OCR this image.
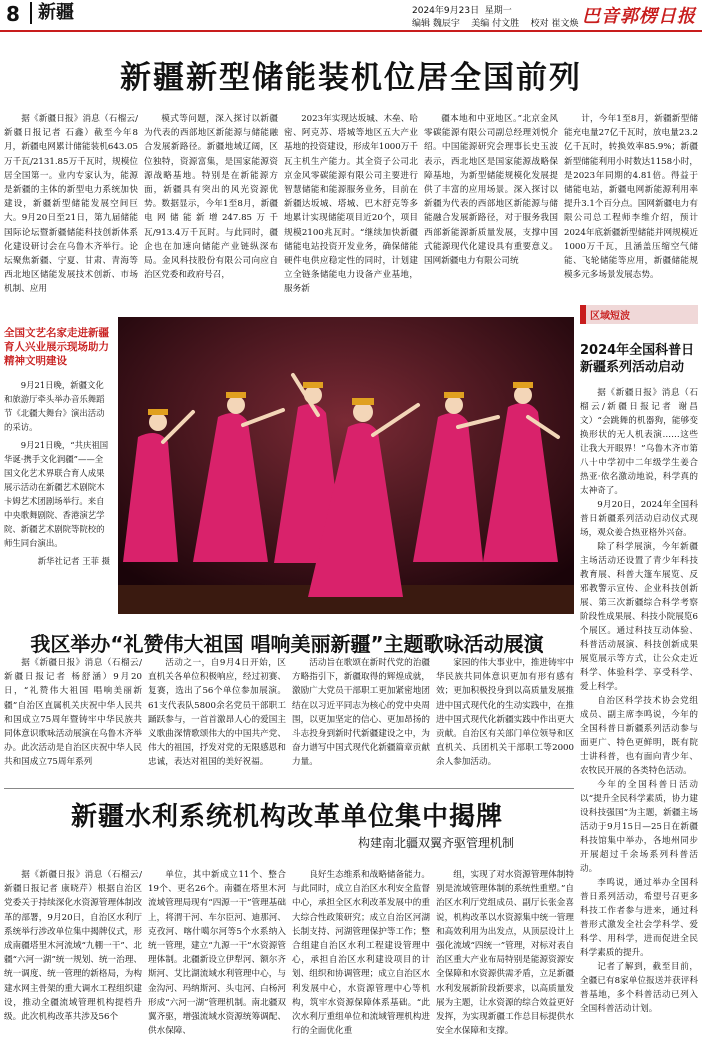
8	新疆	2024年9月23日  星期一
编辑 魏辰宇    美编 付文胜    校对 崔文焕 巴音郭楞日报
新疆新型储能装机位居全国前列

据《新疆日报》消息（石榴云/新疆日报记者 石鑫）截至今年8月，新疆电网累计储能装机643.05万千瓦/2131.85万千瓦时，规模位居全国第一。业内专家认为，能源是新疆的主体的新型电力系统加快建设，新疆新型储能发展空间巨大。9月20日至21日，第九届储能国际论坛暨新疆储能科技创新体系化建设研讨会在乌鲁木齐举行。论坛聚焦新疆、宁夏、甘肃、青海等西北地区储能发展技术创新、市场机制、应用

模式等问题，深入探讨以新疆为代表的西部地区新能源与储能融合发展新路径。新疆地域辽阔，区位独特，资源富集，是国家能源资源战略基地。特别是在新能源方面，新疆具有突出的风光资源优势。数据显示，今年1至8月，新疆电网储能新增247.85万千瓦/913.4万千瓦时。与此同时，疆企也在加速向储能产业链纵深布局。金风科技股份有限公司向应自治区党委和政府号召，

2023年实现达坂城、木垒、哈密、阿克苏、塔城等地区五大产业基地的投资建设，形成年1000万千瓦主机生产能力。其全资子公司北京金风零碳能源有限公司主要进行智慧储能和能源服务业务，目前在新疆达坂城、塔城、巴木舒克等多地累计实现储能项目近20个，项目规模2100兆瓦时。“继续加快新疆储能电站投资开发业务，确保储能硬件电供应稳定性的同时，计划建立全链条储能电力设备产业基地，服务新

疆本地和中亚地区。”北京金风零碳能源有限公司副总经理刘悦介绍。中国能源研究会理事长史玉波表示，西北地区是国家能源战略保障基地，为新型储能规模化发展提供了丰富的应用场景。深入探讨以新疆为代表的西部地区新能源与储能融合发展新路径，对于服务我国西部新能源新质量发展，支撑中国式能源现代化建设具有重要意义。国网新疆电力有限公司统

计，今年1至8月，新疆新型储能充电量27亿千瓦时，放电量23.2亿千瓦时，转换效率85.9%；新疆新型储能利用小时数达1158小时，是2023年同期的4.81倍。得益于储能电站，新疆电网新能源利用率提升3.1个百分点。国网新疆电力有限公司总工程师李维介绍，预计2024年底新疆新型储能并网规模近1000万千瓦，且涵盖压缩空气储能、飞轮储能等应用，新疆储能规模多元多场景发展态势。

全国文艺名家走进新疆 育人兴业展示现场助力精神文明建设

9月21日晚，新疆文化和旅游厅牵头举办音乐舞蹈节《北疆大舞台》演出活动的采访。

9月21日晚，“共庆祖国华诞·携手文化润疆”——全国文化艺术界联合育人成果展示活动在新疆艺术剧院木卡姆艺术团剧场举行。来自中央歌舞剧院、香港演艺学院、新疆艺术剧院等院校的师生同台演出。

新华社记者 王菲 摄

区域短波
2024年全国科普日新疆系列活动启动

据《新疆日报》消息（石榴云/新疆日报记者 谢昌文）“会跳舞的机器狗，能够变换形状的无人机表演……这些让我大开眼界！”乌鲁木齐市第八十中学初中二年级学生姜合热亚·依名激动地说，科学真的太神奇了。

9月20日，2024年全国科普日新疆系列活动启动仪式现场，观众姜合热亚格外兴奋。

除了科学展演，今年新疆主场活动还设置了青少年科技教育展、科普大篷车展览、反邪教警示宣传、企业科技创新展、第三次新疆综合科学考察阶段性成果展、科技小院展览6个展区。通过科技互动体验、科普活动展演、科技创新成果展览展示等方式，让公众走近科学、体验科学、享受科学、爱上科学。

自治区科学技术协会党组成员、副主席李鸣说，今年的全国科普日新疆系列活动参与面更广、特色更鲜明，既有院士讲科普，也有面向青少年、农牧民开展的各类特色活动。

今年的全国科普日活动以“提升全民科学素质，协力建设科技强国”为主题，新疆主场活动于9月15日—25日在新疆科技馆集中举办，各地州同步开展超过千余场系列科普活动。

李鸣说，通过举办全国科普日系列活动，希望号召更多科技工作者参与进来，通过科普形式激发全社会学科学、爱科学、用科学，进而促进全民科学素质的提升。

记者了解到，截至目前，全疆已有8家单位报送并获评科普基地，多个科普活动已列入全国科普活动计划。

我区举办“礼赞伟大祖国 唱响美丽新疆”主题歌咏活动展演

据《新疆日报》消息（石榴云/新疆日报记者 杨舒涵）9月20日，“礼赞伟大祖国 唱响美丽新疆”自治区直属机关庆祝中华人民共和国成立75周年暨铸牢中华民族共同体意识歌咏活动展演在乌鲁木齐举办。此次活动是自治区庆祝中华人民共和国成立75周年系列

活动之一，自9月4日开始，区直机关各单位积极响应，经过初赛、复赛，选出了56个单位参加展演。61支代表队5800余名党员干部职工踊跃参与，一首首激昂人心的爱国主义歌曲深情歌颂伟大的中国共产党、伟大的祖国，抒发对党的无限感恩和忠诚，表达对祖国的美好祝福。

活动旨在歌颂在新时代党的治疆方略指引下，新疆取得的辉煌成就，激励广大党员干部职工更加紧密地团结在以习近平同志为核心的党中央周围，以更加坚定的信心、更加昂扬的斗志投身到新时代新疆建设之中，为奋力谱写中国式现代化新疆篇章贡献力量。

家园的伟大事业中，推进铸牢中华民族共同体意识更加有形有感有效；更加积极投身到以高质量发展推进中国式现代化的生动实践中，在推进中国式现代化新疆实践中作出更大贡献。自治区有关部门单位领导和区直机关、兵团机关干部职工等2000余人参加活动。

新疆水利系统机构改革单位集中揭牌
构建南北疆双翼齐驱管理机制

据《新疆日报》消息（石榴云/新疆日报记者 康晓芹）根据自治区党委关于持续深化水资源管理体制改革的部署，9月20日，自治区水利厅系统举行涉改单位集中揭牌仪式，形成南疆塔里木河流域“九棚一干”、北疆“六河一湖”统一规划、统一治理、统一调度、统一管理的新格局，为构建水网主骨架的重大调水工程组织建设，推动全疆流域管理机构提档升级。此次机构改革共涉及56个

单位，其中新成立11个、整合19个、更名26个。南疆在塔里木河流域管理局现有“四源一干”管理基础上，将渭干河、车尔臣河、迪那河、克孜河、喀什噶尔河等5个水系纳入统一管理，建立“九源一干”水资源管理体制。北疆新设立伊犁河、额尔齐斯河、艾比湖流域水利管理中心，与金沟河、玛纳斯河、头屯河、白杨河形成“六河一湖”管理机制。南北疆双翼齐驱，增强流域水资源统筹调配、供水保障、

良好生态维系和战略储备能力。与此同时，成立自治区水利安全监督中心，承担全区水利改革发展中的重大综合性政策研究；成立自治区河湖长制支持、河湖管理保护等工作；整合组建自治区水利工程建设管理中心，承担自治区水利建设项目的计划、组织和协调管理；成立自治区水利发展中心，水资源管理中心等机构，筑牢水资源保障体系基础。“此次水利厅重组单位和流域管理机构进行的全面优化重

组，实现了对水资源管理体制特别是流域管理体制的系统性重塑。”自治区水利厅党组成员、副厅长张金喜说，机构改革以水资源集中统一管理和高效利用为出发点，从顶层设计上强化流域“四统一”管理，对标对表自治区重大产业布局特别是能源资源安全保障和水资源供需矛盾，立足新疆水利发展新阶段新要求，以高质量发展为主题，让水资源的综合效益更好发挥，为实现新疆工作总目标提供水安全水保障和支撑。
